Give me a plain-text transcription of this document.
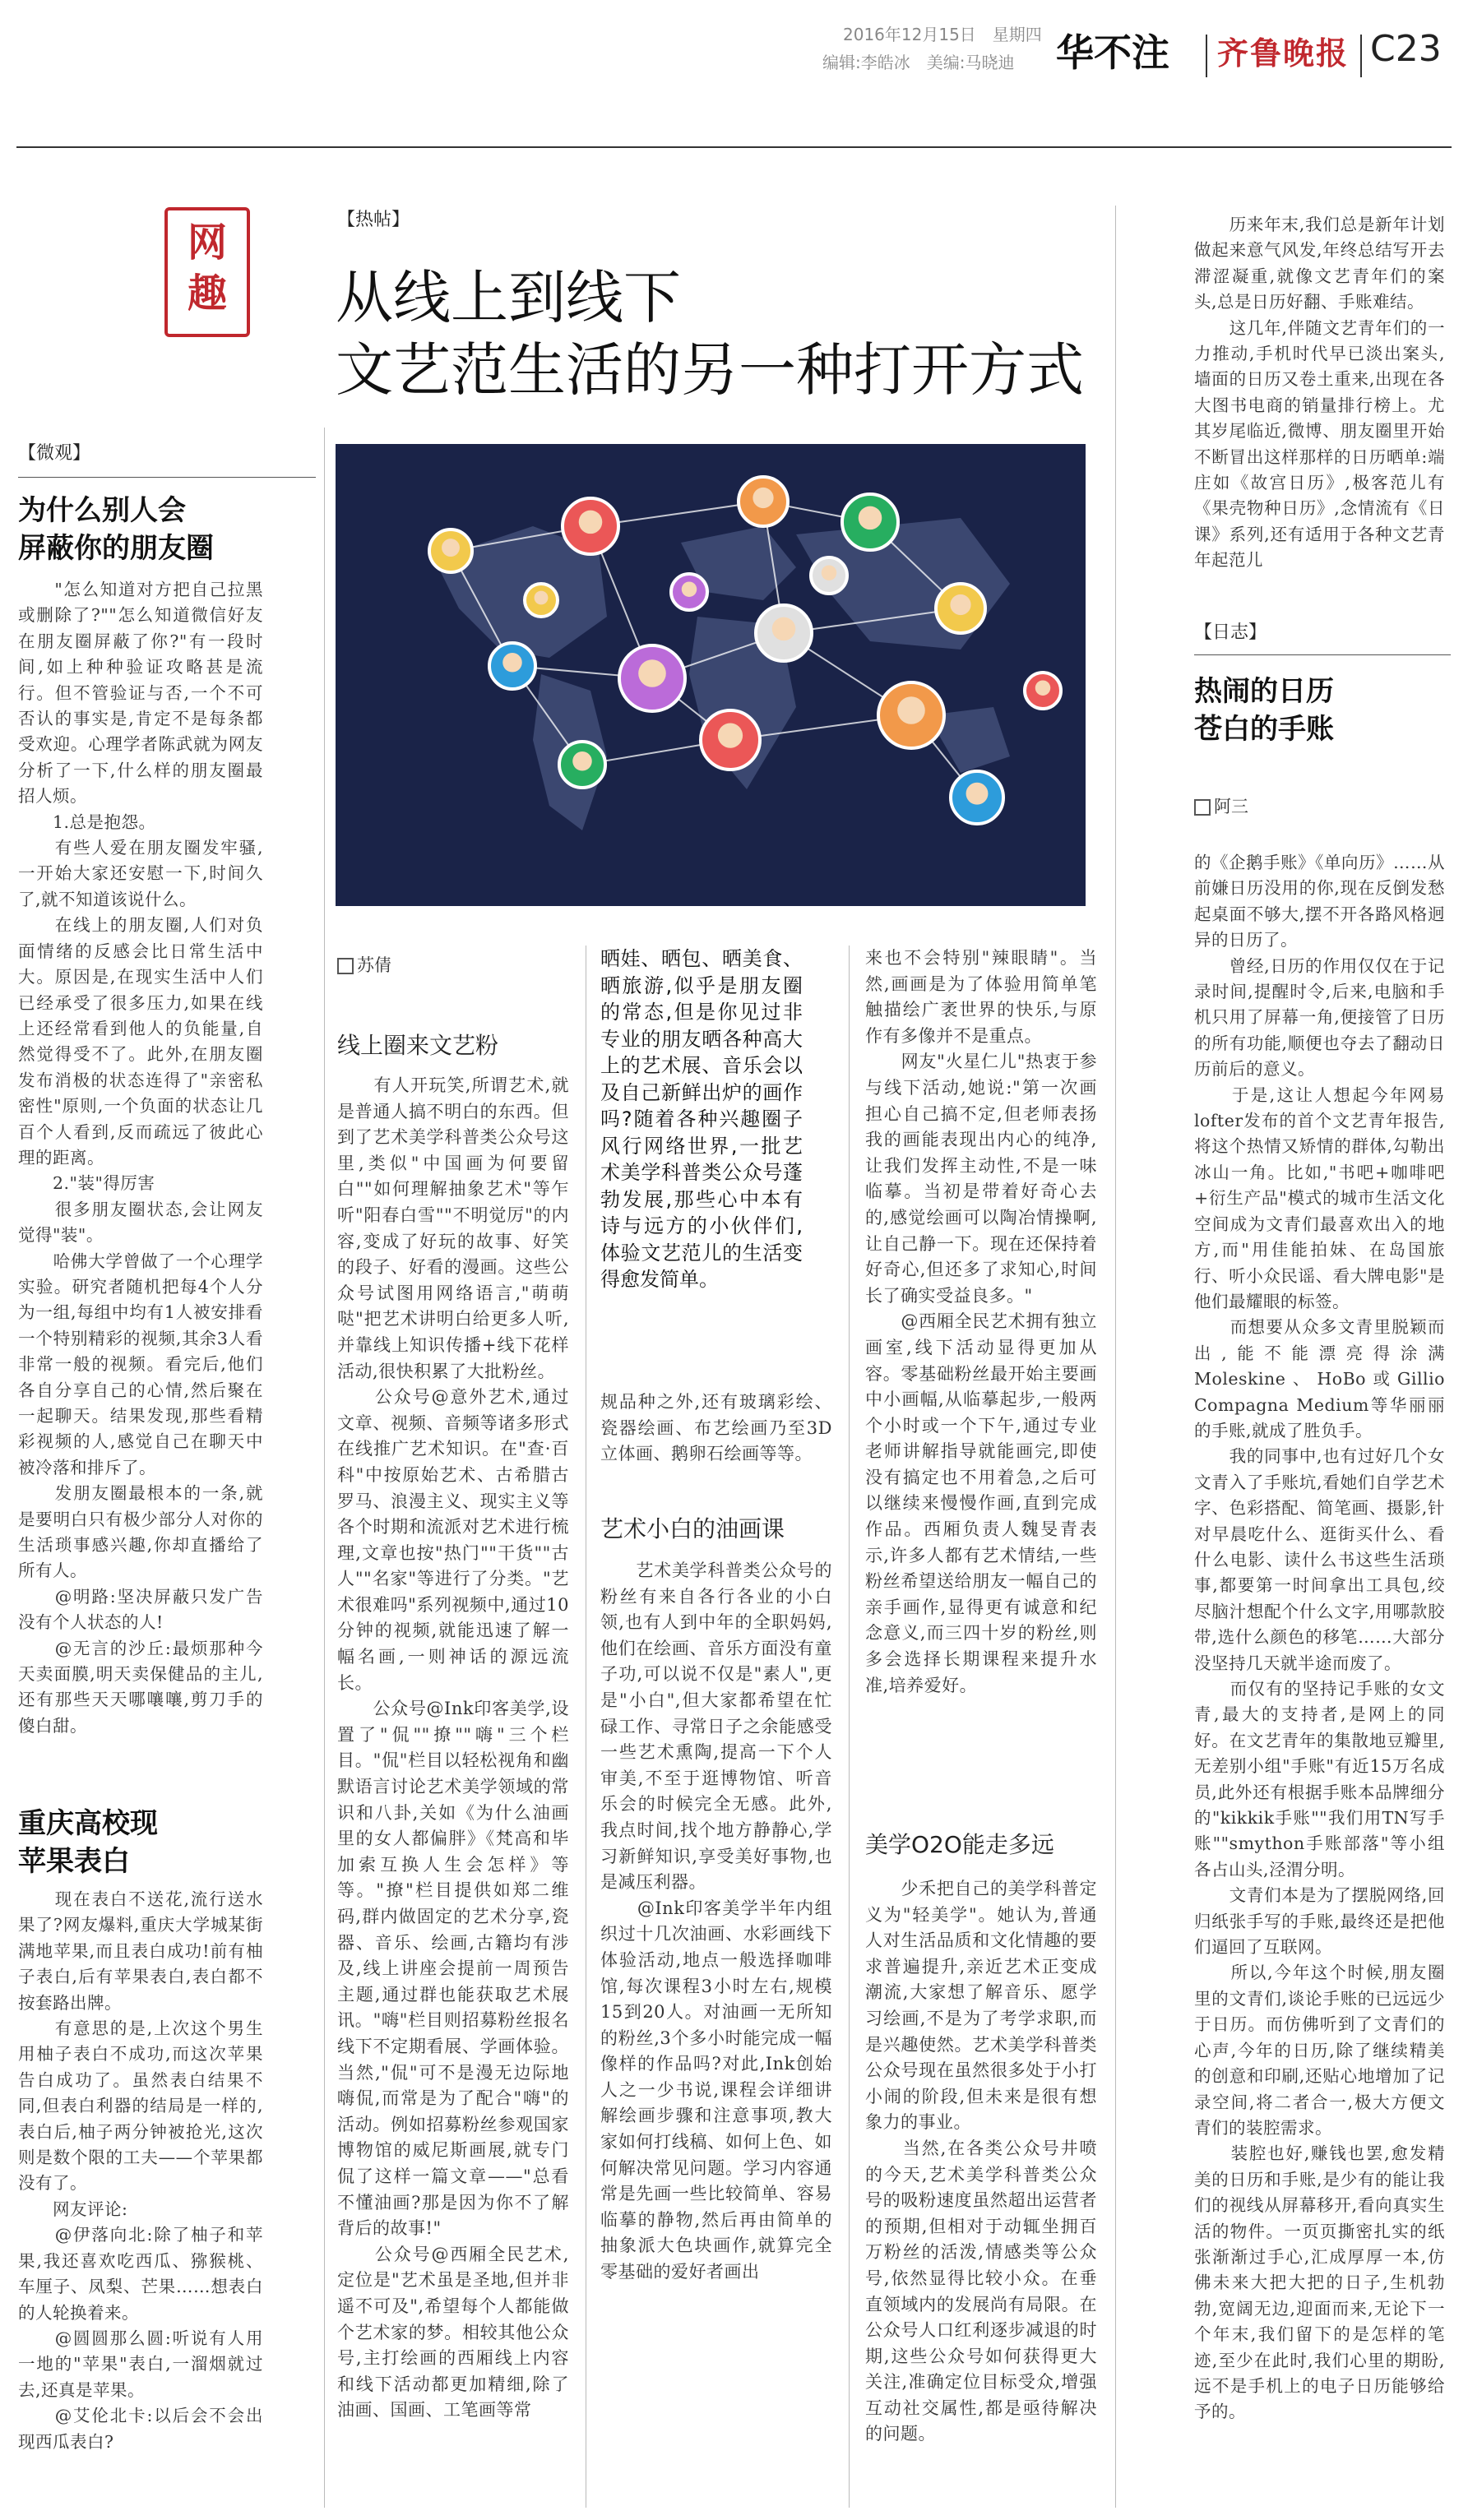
2016年12月15日　星期四
编辑:李皓冰　美编:马晓迪 华不注 齐鲁晚报 C23
网
趣
【微观】
为什么别人会
屏蔽你的朋友圈

　　"怎么知道对方把自己拉黑或删除了?""怎么知道微信好友在朋友圈屏蔽了你?"有一段时间,如上种种验证攻略甚是流行。但不管验证与否,一个不可否认的事实是,肯定不是每条都受欢迎。心理学者陈武就为网友分析了一下,什么样的朋友圈最招人烦。
　　1.总是抱怨。
　　有些人爱在朋友圈发牢骚,一开始大家还安慰一下,时间久了,就不知道该说什么。
　　在线上的朋友圈,人们对负面情绪的反感会比日常生活中大。原因是,在现实生活中人们已经承受了很多压力,如果在线上还经常看到他人的负能量,自然觉得受不了。此外,在朋友圈发布消极的状态连得了"亲密私密性"原则,一个负面的状态让几百个人看到,反而疏远了彼此心理的距离。
　　2."装"得厉害
　　很多朋友圈状态,会让网友觉得"装"。
　　哈佛大学曾做了一个心理学实验。研究者随机把每4个人分为一组,每组中均有1人被安排看一个特别精彩的视频,其余3人看非常一般的视频。看完后,他们各自分享自己的心情,然后聚在一起聊天。结果发现,那些看精彩视频的人,感觉自己在聊天中被冷落和排斥了。
　　发朋友圈最根本的一条,就是要明白只有极少部分人对你的生活琐事感兴趣,你却直播给了所有人。
　　@明路:坚决屏蔽只发广告没有个人状态的人!
　　@无言的沙丘:最烦那种今天卖面膜,明天卖保健品的主儿,还有那些天天哪嚷嚷,剪刀手的傻白甜。

重庆高校现
苹果表白

　　现在表白不送花,流行送水果了?网友爆料,重庆大学城某街满地苹果,而且表白成功!前有柚子表白,后有苹果表白,表白都不按套路出牌。
　　有意思的是,上次这个男生用柚子表白不成功,而这次苹果告白成功了。虽然表白结果不同,但表白利器的结局是一样的,表白后,柚子两分钟被抢光,这次则是数个限的工夫——个苹果都没有了。
　　网友评论:
　　@伊落向北:除了柚子和苹果,我还喜欢吃西瓜、猕猴桃、车厘子、凤梨、芒果……想表白的人轮换着来。
　　@圆圆那么圆:听说有人用一地的"苹果"表白,一溜烟就过去,还真是苹果。
　　@艾伦北卡:以后会不会出现西瓜表白?

【热帖】
从线上到线下
文艺范生活的另一种打开方式
苏倩
线上圈来文艺粉

　　有人开玩笑,所谓艺术,就是普通人搞不明白的东西。但到了艺术美学科普类公众号这里,类似"中国画为何要留白""如何理解抽象艺术"等乍听"阳春白雪""不明觉厉"的内容,变成了好玩的故事、好笑的段子、好看的漫画。这些公众号试图用网络语言,"萌萌哒"把艺术讲明白给更多人听,并靠线上知识传播+线下花样活动,很快积累了大批粉丝。
　　公众号@意外艺术,通过文章、视频、音频等诸多形式在线推广艺术知识。在"查·百科"中按原始艺术、古希腊古罗马、浪漫主义、现实主义等各个时期和流派对艺术进行梳理,文章也按"热门""干货""古人""名家"等进行了分类。"艺术很难吗"系列视频中,通过10分钟的视频,就能迅速了解一幅名画,一则神话的源远流长。
　　公众号@Ink印客美学,设置了"侃""撩""嗨"三个栏目。"侃"栏目以轻松视角和幽默语言讨论艺术美学领域的常识和八卦,关如《为什么油画里的女人都偏胖》《梵高和毕加索互换人生会怎样》等等。"撩"栏目提供如郑二维码,群内做固定的艺术分享,瓷器、音乐、绘画,古籍均有涉及,线上讲座会提前一周预告主题,通过群也能获取艺术展讯。"嗨"栏目则招募粉丝报名线下不定期看展、学画体验。当然,"侃"可不是漫无边际地嗨侃,而常是为了配合"嗨"的活动。例如招募粉丝参观国家博物馆的威尼斯画展,就专门侃了这样一篇文章——"总看不懂油画?那是因为你不了解背后的故事!"
　　公众号@西厢全民艺术,定位是"艺术虽是圣地,但并非遥不可及",希望每个人都能做个艺术家的梦。相较其他公众号,主打绘画的西厢线上内容和线下活动都更加精细,除了油画、国画、工笔画等常

晒娃、晒包、晒美食、晒旅游,似乎是朋友圈的常态,但是你见过非专业的朋友晒各种高大上的艺术展、音乐会以及自己新鲜出炉的画作吗?随着各种兴趣圈子风行网络世界,一批艺术美学科普类公众号蓬勃发展,那些心中本有诗与远方的小伙伴们,体验文艺范儿的生活变得愈发简单。

规品种之外,还有玻璃彩绘、瓷器绘画、布艺绘画乃至3D立体画、鹅卵石绘画等等。

艺术小白的油画课

　　艺术美学科普类公众号的粉丝有来自各行各业的小白领,也有人到中年的全职妈妈,他们在绘画、音乐方面没有童子功,可以说不仅是"素人",更是"小白",但大家都希望在忙碌工作、寻常日子之余能感受一些艺术熏陶,提高一下个人审美,不至于逛博物馆、听音乐会的时候完全无感。此外,我点时间,找个地方静静心,学习新鲜知识,享受美好事物,也是减压利器。
　　@Ink印客美学半年内组织过十几次油画、水彩画线下体验活动,地点一般选择咖啡馆,每次课程3小时左右,规模15到20人。对油画一无所知的粉丝,3个多小时能完成一幅像样的作品吗?对此,Ink创始人之一少书说,课程会详细讲解绘画步骤和注意事项,教大家如何打线稿、如何上色、如何解决常见问题。学习内容通常是先画一些比较简单、容易临摹的静物,然后再由简单的抽象派大色块画作,就算完全零基础的爱好者画出

来也不会特别"辣眼睛"。当然,画画是为了体验用简单笔触描绘广袤世界的快乐,与原作有多像并不是重点。
　　网友"火星仁儿"热衷于参与线下活动,她说:"第一次画担心自己搞不定,但老师表扬我的画能表现出内心的纯净,让我们发挥主动性,不是一味临摹。当初是带着好奇心去的,感觉绘画可以陶冶情操啊,让自己静一下。现在还保持着好奇心,但还多了求知心,时间长了确实受益良多。"
　　@西厢全民艺术拥有独立画室,线下活动显得更加从容。零基础粉丝最开始主要画中小画幅,从临摹起步,一般两个小时或一个下午,通过专业老师讲解指导就能画完,即使没有搞定也不用着急,之后可以继续来慢慢作画,直到完成作品。西厢负责人魏旻青表示,许多人都有艺术情结,一些粉丝希望送给朋友一幅自己的亲手画作,显得更有诚意和纪念意义,而三四十岁的粉丝,则多会选择长期课程来提升水准,培养爱好。

美学O2O能走多远

　　少禾把自己的美学科普定义为"轻美学"。她认为,普通人对生活品质和文化情趣的要求普遍提升,亲近艺术正变成潮流,大家想了解音乐、愿学习绘画,不是为了考学求职,而是兴趣使然。艺术美学科普类公众号现在虽然很多处于小打小闹的阶段,但未来是很有想象力的事业。
　　当然,在各类公众号井喷的今天,艺术美学科普类公众号的吸粉速度虽然超出运营者的预期,但相对于动辄坐拥百万粉丝的活泼,情感类等公众号,依然显得比较小众。在垂直领域内的发展尚有局限。在公众号人口红利逐步减退的时期,这些公众号如何获得更大关注,准确定位目标受众,增强互动社交属性,都是亟待解决的问题。

　　历来年末,我们总是新年计划做起来意气风发,年终总结写开去滞涩凝重,就像文艺青年们的案头,总是日历好翻、手账难结。
　　这几年,伴随文艺青年们的一力推动,手机时代早已淡出案头,墙面的日历又卷土重来,出现在各大图书电商的销量排行榜上。尤其岁尾临近,微博、朋友圈里开始不断冒出这样那样的日历晒单:端庄如《故宫日历》,极客范儿有《果壳物种日历》,念情流有《日课》系列,还有适用于各种文艺青年起范儿

【日志】
热闹的日历
苍白的手账
阿三

的《企鹅手账》《单向历》……从前嫌日历没用的你,现在反倒发愁起桌面不够大,摆不开各路风格迥异的日历了。
　　曾经,日历的作用仅仅在于记录时间,提醒时令,后来,电脑和手机只用了屏幕一角,便接管了日历的所有功能,顺便也夺去了翻动日历前后的意义。
　　于是,这让人想起今年网易lofter发布的首个文艺青年报告,将这个热情又矫情的群体,勾勒出冰山一角。比如,"书吧+咖啡吧+衍生产品"模式的城市生活文化空间成为文青们最喜欢出入的地方,而"用佳能拍妹、在岛国旅行、听小众民谣、看大牌电影"是他们最耀眼的标签。
　　而想要从众多文青里脱颖而出,能不能漂亮得涂满Moleskine、HoBo或Gillio Compagna Medium等华丽丽的手账,就成了胜负手。
　　我的同事中,也有过好几个女文青入了手账坑,看她们自学艺术字、色彩搭配、简笔画、摄影,针对早晨吃什么、逛街买什么、看什么电影、读什么书这些生活琐事,都要第一时间拿出工具包,绞尽脑汁想配个什么文字,用哪款胶带,选什么颜色的移笔……大部分没坚持几天就半途而废了。
　　而仅有的坚持记手账的女文青,最大的支持者,是网上的同好。在文艺青年的集散地豆瓣里,无差别小组"手账"有近15万名成员,此外还有根据手账本品牌细分的"kikkik手账""我们用TN写手账""smython手账部落"等小组各占山头,泾渭分明。
　　文青们本是为了摆脱网络,回归纸张手写的手账,最终还是把他们逼回了互联网。
　　所以,今年这个时候,朋友圈里的文青们,谈论手账的已远远少于日历。而仿佛听到了文青们的心声,今年的日历,除了继续精美的创意和印刷,还贴心地增加了记录空间,将二者合一,极大方便文青们的装腔需求。
　　装腔也好,赚钱也罢,愈发精美的日历和手账,是少有的能让我们的视线从屏幕移开,看向真实生活的物件。一页页撕密扎实的纸张渐渐过手心,汇成厚厚一本,仿佛未来大把大把的日子,生机勃勃,宽阔无边,迎面而来,无论下一个年末,我们留下的是怎样的笔迹,至少在此时,我们心里的期盼,远不是手机上的电子日历能够给予的。
